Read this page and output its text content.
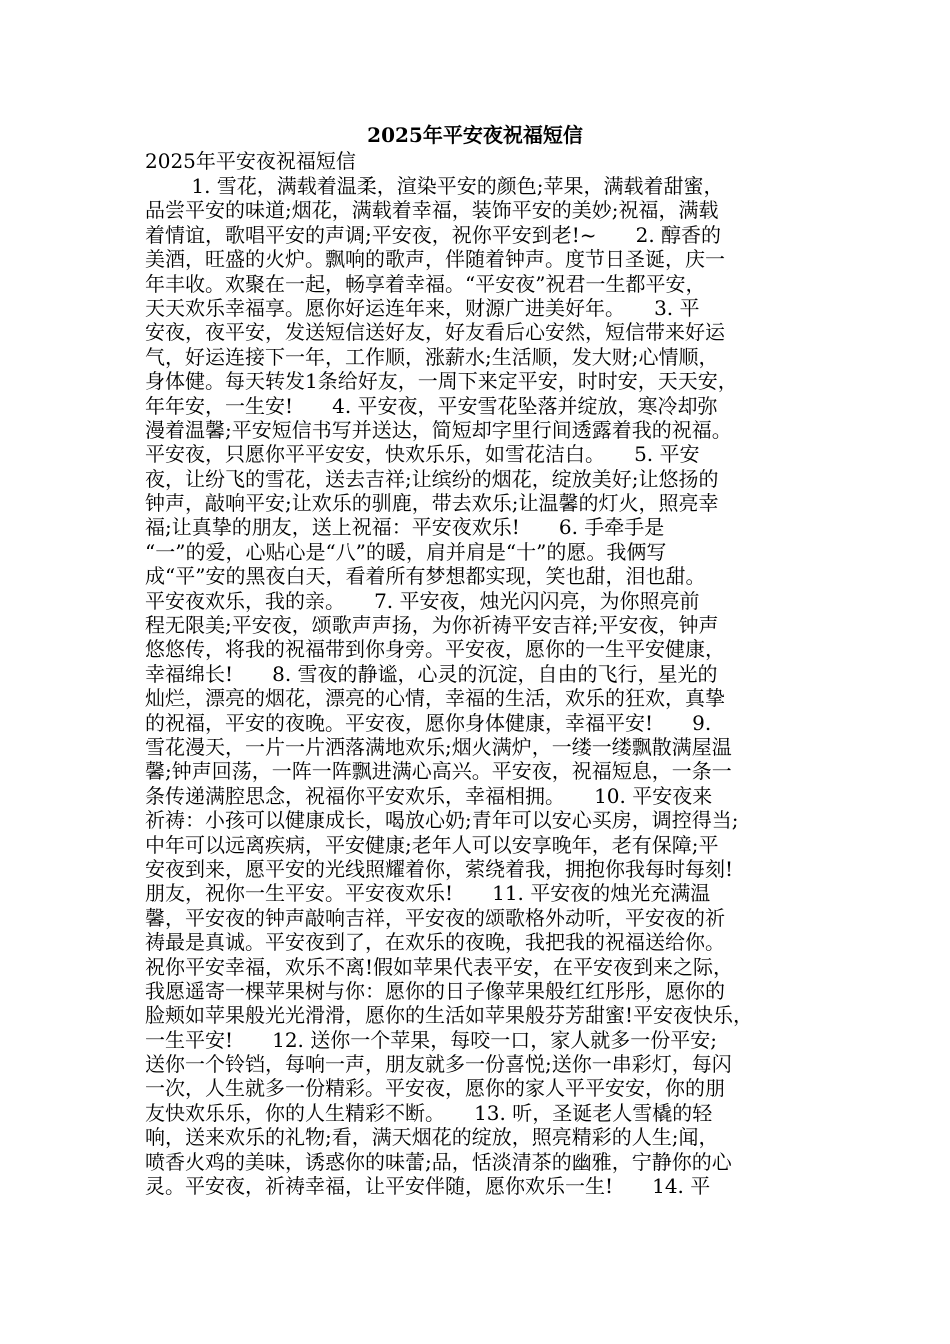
2025年平安夜祝福短信
2025年平安夜祝福短信
　　 1. 雪花，满载着温柔，渲染平安的颜色;苹果，满载着甜蜜，
品尝平安的味道;烟花，满载着幸福，装饰平安的美妙;祝福，满载
着情谊，歌唱平安的声调;平安夜，祝你平安到老!~　   2. 醇香的
美酒，旺盛的火炉。飘响的歌声，伴随着钟声。度节日圣诞，庆一
年丰收。欢聚在一起，畅享着幸福。“平安夜”祝君一生都平安，
天天欢乐幸福享。愿你好运连年来，财源广进美好年。　   3. 平
安夜，夜平安，发送短信送好友，好友看后心安然，短信带来好运
气，好运连接下一年，工作顺，涨薪水;生活顺，发大财;心情顺，
身体健。每天转发1条给好友，一周下来定平安，时时安，天天安，
年年安，一生安!　   4. 平安夜，平安雪花坠落并绽放，寒冷却弥
漫着温馨;平安短信书写并送达，简短却字里行间透露着我的祝福。
平安夜，只愿你平平安安，快欢乐乐，如雪花洁白。　   5. 平安
夜，让纷飞的雪花，送去吉祥;让缤纷的烟花，绽放美好;让悠扬的
钟声，敲响平安;让欢乐的驯鹿，带去欢乐;让温馨的灯火，照亮幸
福;让真挚的朋友，送上祝福：平安夜欢乐!　   6. 手牵手是
“一”的爱，心贴心是“八”的暖，肩并肩是“十”的愿。我俩写
成“平”安的黑夜白天，看着所有梦想都实现，笑也甜，泪也甜。
平安夜欢乐，我的亲。　   7. 平安夜，烛光闪闪亮，为你照亮前
程无限美;平安夜，颂歌声声扬，为你祈祷平安吉祥;平安夜，钟声
悠悠传，将我的祝福带到你身旁。平安夜，愿你的一生平安健康，
幸福绵长!　   8. 雪夜的静谧，心灵的沉淀，自由的飞行，星光的
灿烂，漂亮的烟花，漂亮的心情，幸福的生活，欢乐的狂欢，真挚
的祝福，平安的夜晚。平安夜，愿你身体健康，幸福平安!　   9.
雪花漫天，一片一片洒落满地欢乐;烟火满炉，一缕一缕飘散满屋温
馨;钟声回荡，一阵一阵飘进满心高兴。平安夜，祝福短息，一条一
条传递满腔思念，祝福你平安欢乐，幸福相拥。　   10. 平安夜来
祈祷：小孩可以健康成长，喝放心奶;青年可以安心买房，调控得当;
中年可以远离疾病，平安健康;老年人可以安享晚年，老有保障;平
安夜到来，愿平安的光线照耀着你，萦绕着我，拥抱你我每时每刻!
朋友，祝你一生平安。平安夜欢乐!　   11. 平安夜的烛光充满温
馨，平安夜的钟声敲响吉祥，平安夜的颂歌格外动听，平安夜的祈
祷最是真诚。平安夜到了，在欢乐的夜晚，我把我的祝福送给你。
祝你平安幸福，欢乐不离!假如苹果代表平安，在平安夜到来之际，
我愿遥寄一棵苹果树与你：愿你的日子像苹果般红红彤彤，愿你的
脸颊如苹果般光光滑滑，愿你的生活如苹果般芬芳甜蜜!平安夜快乐，
一生平安!　   12. 送你一个苹果，每咬一口，家人就多一份平安;
送你一个铃铛，每响一声，朋友就多一份喜悦;送你一串彩灯，每闪
一次，人生就多一份精彩。平安夜，愿你的家人平平安安，你的朋
友快欢乐乐，你的人生精彩不断。　   13. 听，圣诞老人雪橇的轻
响，送来欢乐的礼物;看，满天烟花的绽放，照亮精彩的人生;闻，
喷香火鸡的美味，诱惑你的味蕾;品，恬淡清茶的幽雅，宁静你的心
灵。平安夜，祈祷幸福，让平安伴随，愿你欢乐一生!　   14. 平
